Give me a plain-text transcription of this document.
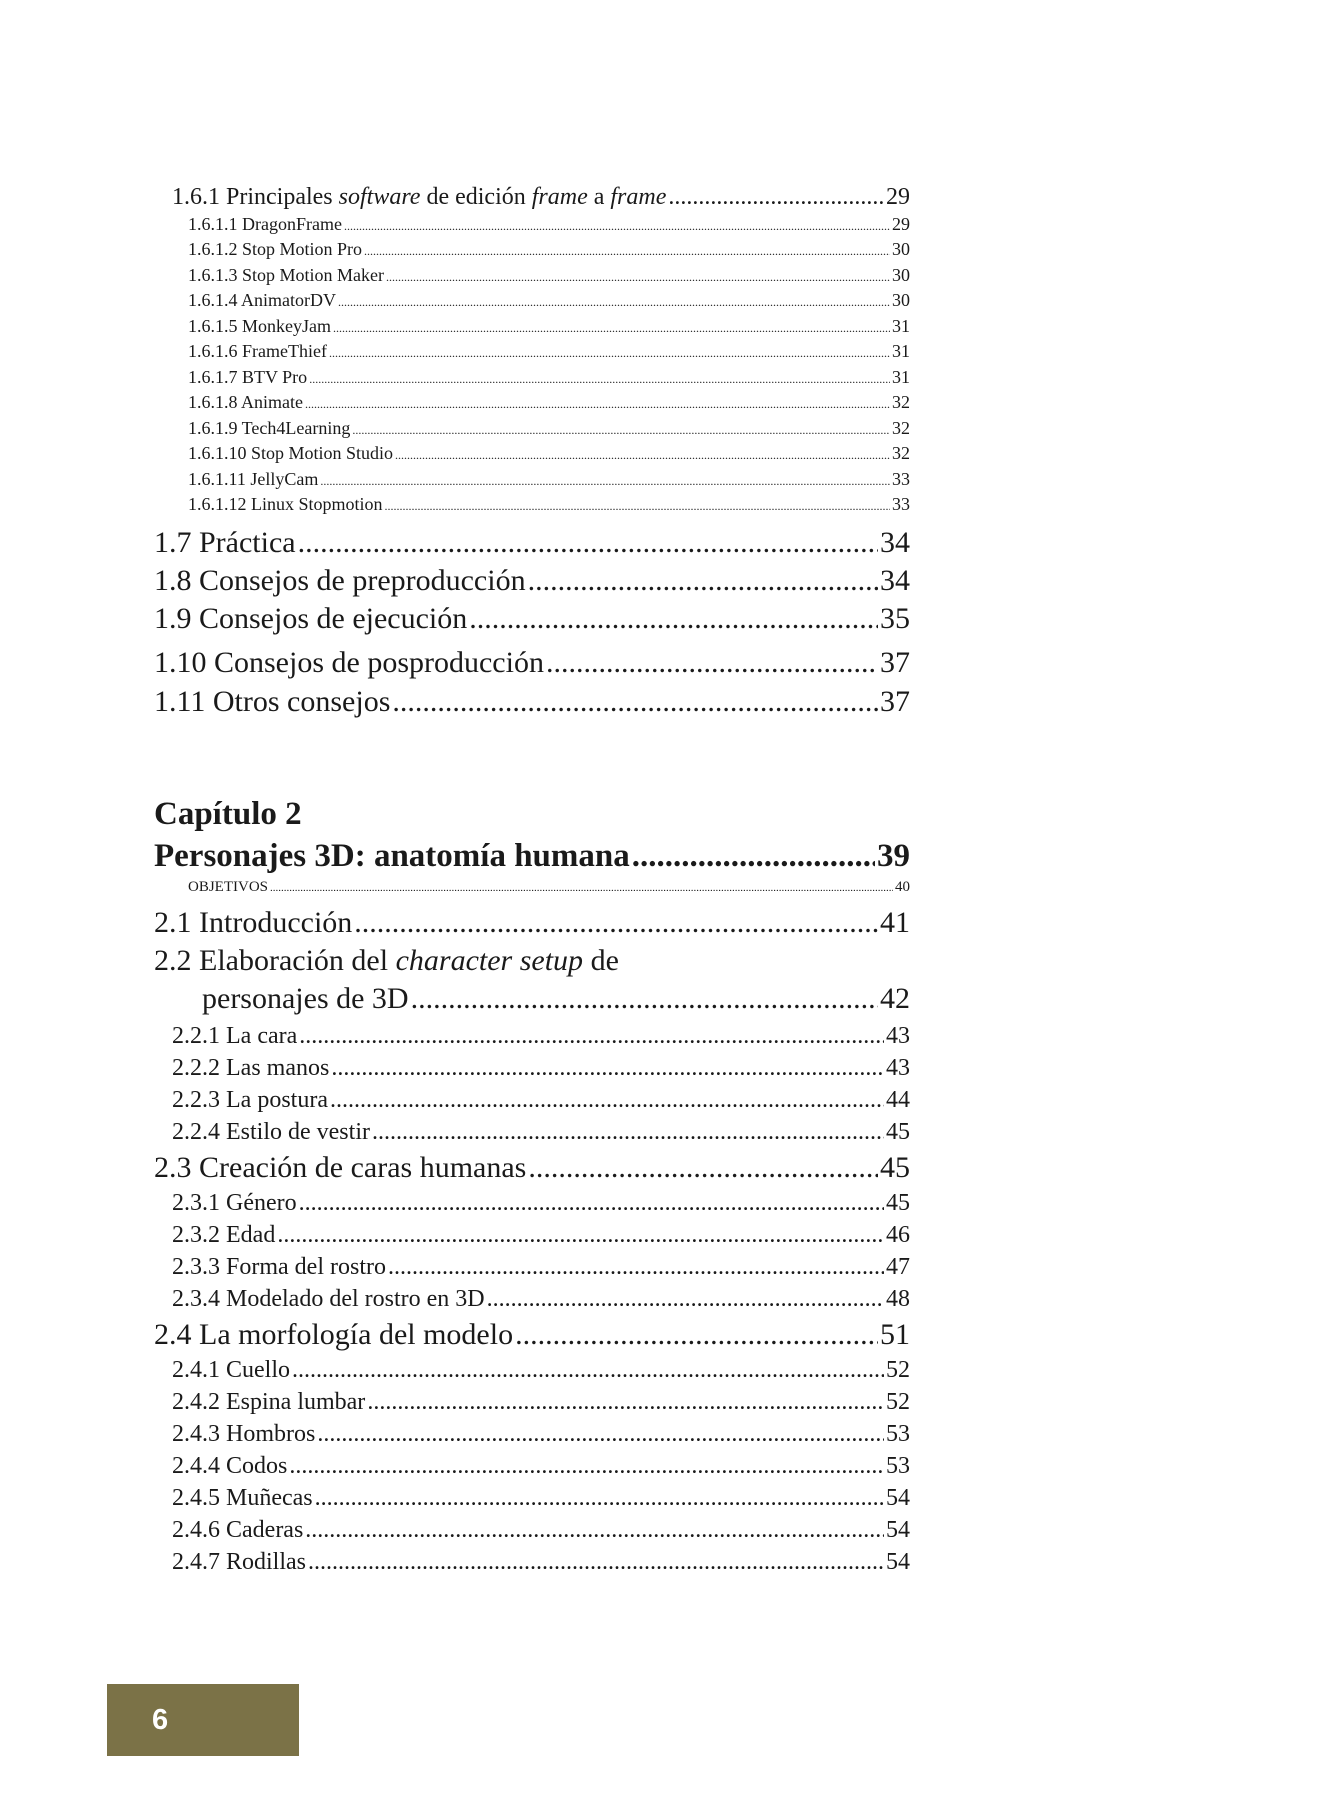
1.6.1 Principales software de edición frame a frame .....	29
1.6.1.1 DragonFrame .....	29
1.6.1.2 Stop Motion Pro .....	30
1.6.1.3 Stop Motion Maker .....	30
1.6.1.4 AnimatorDV .....	30
1.6.1.5 MonkeyJam .....	31
1.6.1.6 FrameThief .....	31
1.6.1.7 BTV Pro .....	31
1.6.1.8 Animate .....	32
1.6.1.9 Tech4Learning .....	32
1.6.1.10 Stop Motion Studio .....	32
1.6.1.11 JellyCam .....	33
1.6.1.12 Linux Stopmotion .....	33
1.7 Práctica .....	34
1.8 Consejos de preproducción .....	34
1.9 Consejos de ejecución .....	35
1.10 Consejos de posproducción .....	37
1.11 Otros consejos .....	37
Capítulo 2
Personajes 3D: anatomía humana .....	39
OBJETIVOS .....	40
2.1 Introducción .....	41
2.2 Elaboración del character setup de
personajes de 3D .....	42
2.2.1 La cara .....	43
2.2.2 Las manos .....	43
2.2.3 La postura .....	44
2.2.4 Estilo de vestir .....	45
2.3 Creación de caras humanas .....	45
2.3.1 Género .....	45
2.3.2 Edad .....	46
2.3.3 Forma del rostro .....	47
2.3.4 Modelado del rostro en 3D .....	48
2.4 La morfología del modelo .....	51
2.4.1 Cuello .....	52
2.4.2 Espina lumbar .....	52
2.4.3 Hombros .....	53
2.4.4 Codos .....	53
2.4.5 Muñecas .....	54
2.4.6 Caderas .....	54
2.4.7 Rodillas .....	54
6
